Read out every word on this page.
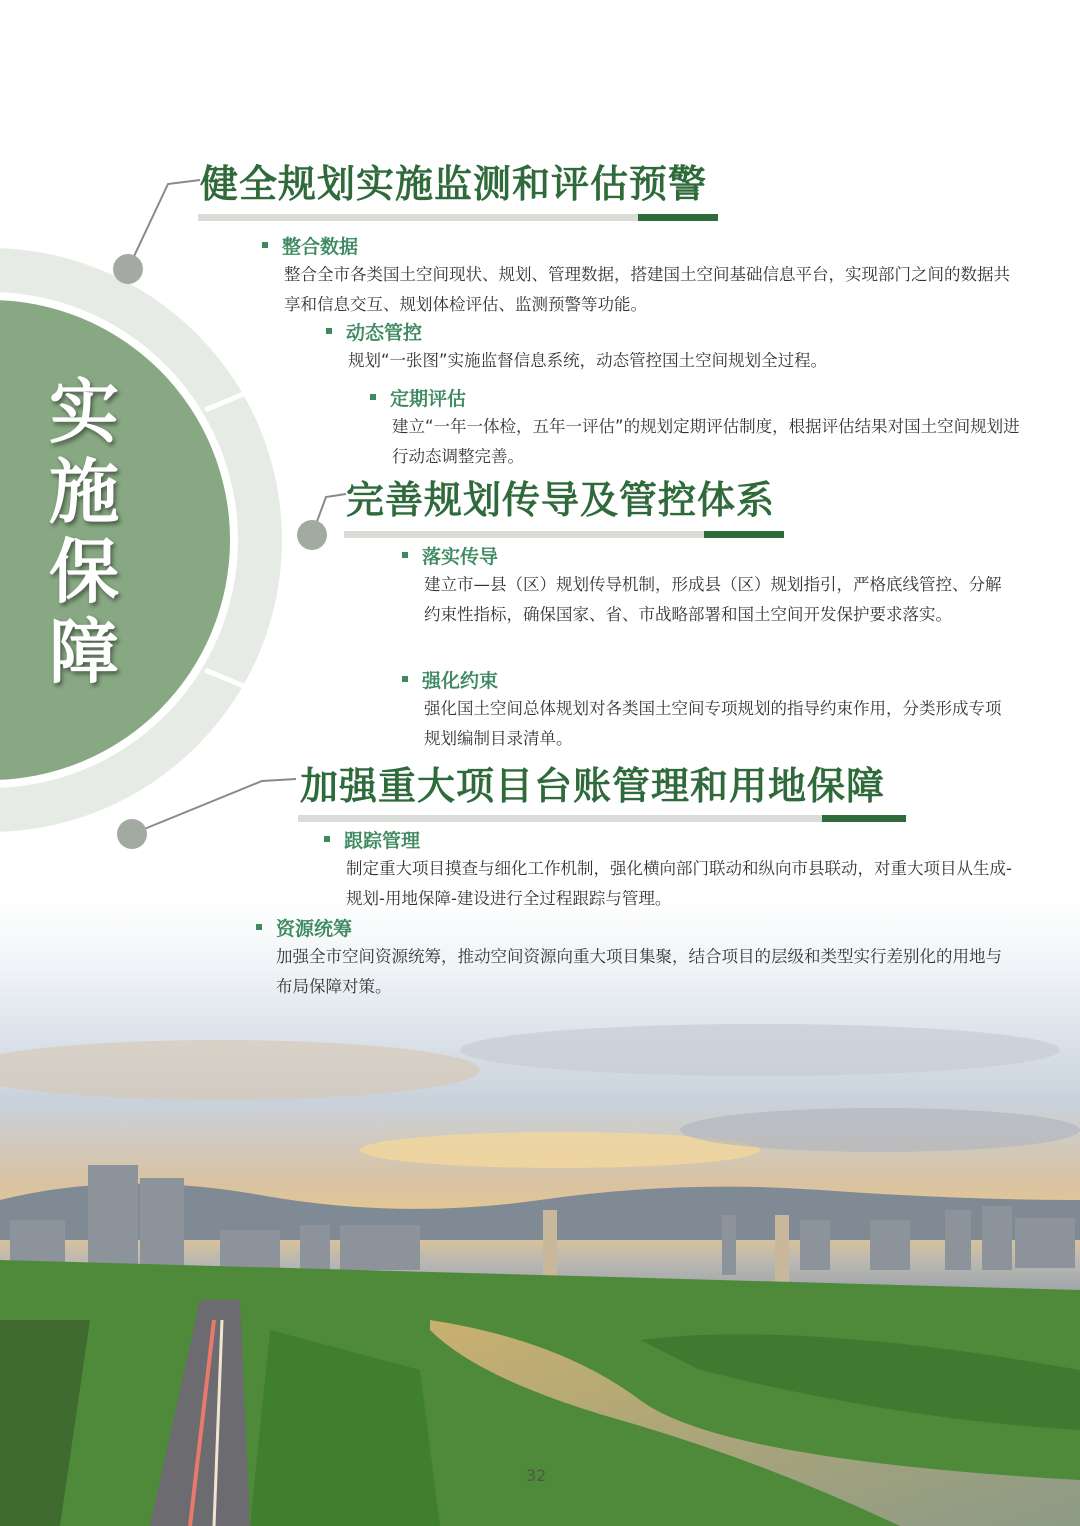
实
施
保
障
健全规划实施监测和评估预警
整合数据
整合全市各类国土空间现状、规划、管理数据，搭建国土空间基础信息平台，实现部门之间的数据共享和信息交互、规划体检评估、监测预警等功能。
动态管控
规划“一张图”实施监督信息系统，动态管控国土空间规划全过程。
定期评估
建立“一年一体检，五年一评估”的规划定期评估制度，根据评估结果对国土空间规划进行动态调整完善。
完善规划传导及管控体系
落实传导
建立市—县（区）规划传导机制，形成县（区）规划指引，严格底线管控、分解约束性指标，确保国家、省、市战略部署和国土空间开发保护要求落实。
强化约束
强化国土空间总体规划对各类国土空间专项规划的指导约束作用，分类形成专项规划编制目录清单。
加强重大项目台账管理和用地保障
跟踪管理
制定重大项目摸查与细化工作机制，强化横向部门联动和纵向市县联动，对重大项目从生成-规划-用地保障-建设进行全过程跟踪与管理。
资源统筹
加强全市空间资源统筹，推动空间资源向重大项目集聚，结合项目的层级和类型实行差别化的用地与布局保障对策。
32
